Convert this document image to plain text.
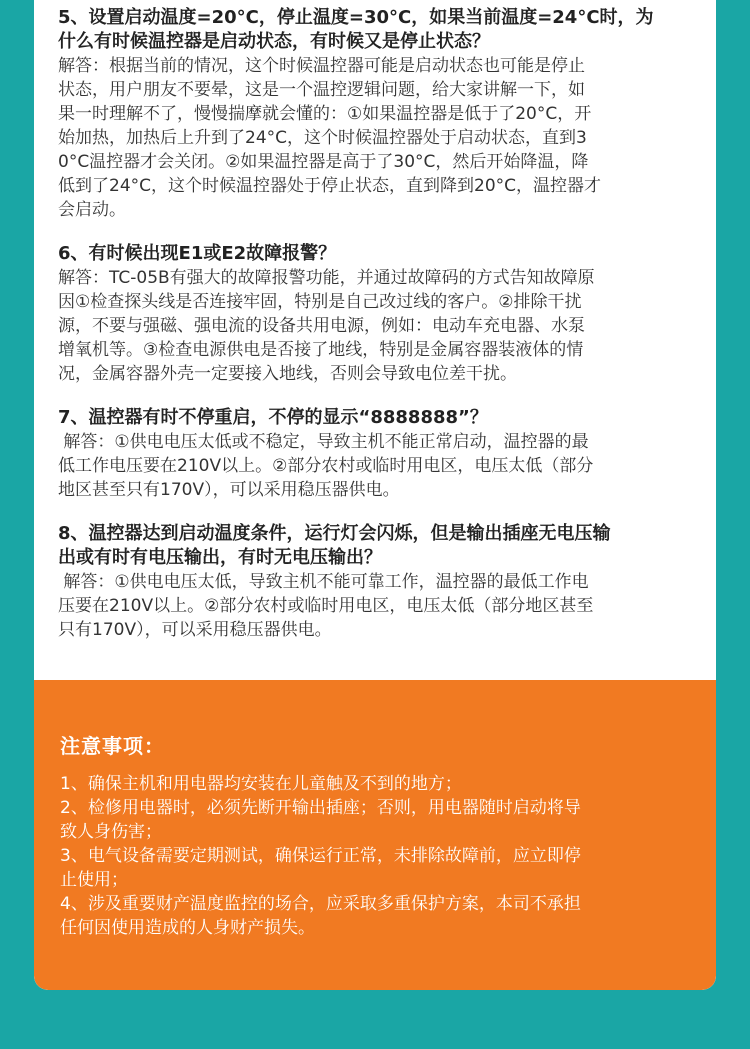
5、设置启动温度=20°C，停止温度=30°C，如果当前温度=24°C时，为
什么有时候温控器是启动状态，有时候又是停止状态？

解答：根据当前的情况，这个时候温控器可能是启动状态也可能是停止
状态，用户朋友不要晕，这是一个温控逻辑问题，给大家讲解一下，如
果一时理解不了，慢慢揣摩就会懂的：①如果温控器是低于了20°C，开
始加热，加热后上升到了24°C，这个时候温控器处于启动状态，直到3
0°C温控器才会关闭。②如果温控器是高于了30°C，然后开始降温，降
低到了24°C，这个时候温控器处于停止状态，直到降到20°C，温控器才
会启动。

6、有时候出现E1或E2故障报警？

解答：TC-05B有强大的故障报警功能，并通过故障码的方式告知故障原
因①检查探头线是否连接牢固，特别是自己改过线的客户。②排除干扰
源，不要与强磁、强电流的设备共用电源，例如：电动车充电器、水泵
增氧机等。③检查电源供电是否接了地线，特别是金属容器装液体的情
况，金属容器外壳一定要接入地线，否则会导致电位差干扰。

7、温控器有时不停重启，不停的显示“8888888”？

解答：①供电电压太低或不稳定，导致主机不能正常启动，温控器的最
低工作电压要在210V以上。②部分农村或临时用电区，电压太低（部分
地区甚至只有170V），可以采用稳压器供电。

8、温控器达到启动温度条件，运行灯会闪烁，但是输出插座无电压输
出或有时有电压输出，有时无电压输出？

解答：①供电电压太低，导致主机不能可靠工作，温控器的最低工作电
压要在210V以上。②部分农村或临时用电区，电压太低（部分地区甚至
只有170V），可以采用稳压器供电。

注意事项：

1、确保主机和用电器均安装在儿童触及不到的地方；

2、检修用电器时，必须先断开输出插座；否则，用电器随时启动将导
致人身伤害；

3、电气设备需要定期测试，确保运行正常，未排除故障前，应立即停
止使用；

4、涉及重要财产温度监控的场合，应采取多重保护方案，本司不承担
任何因使用造成的人身财产损失。
